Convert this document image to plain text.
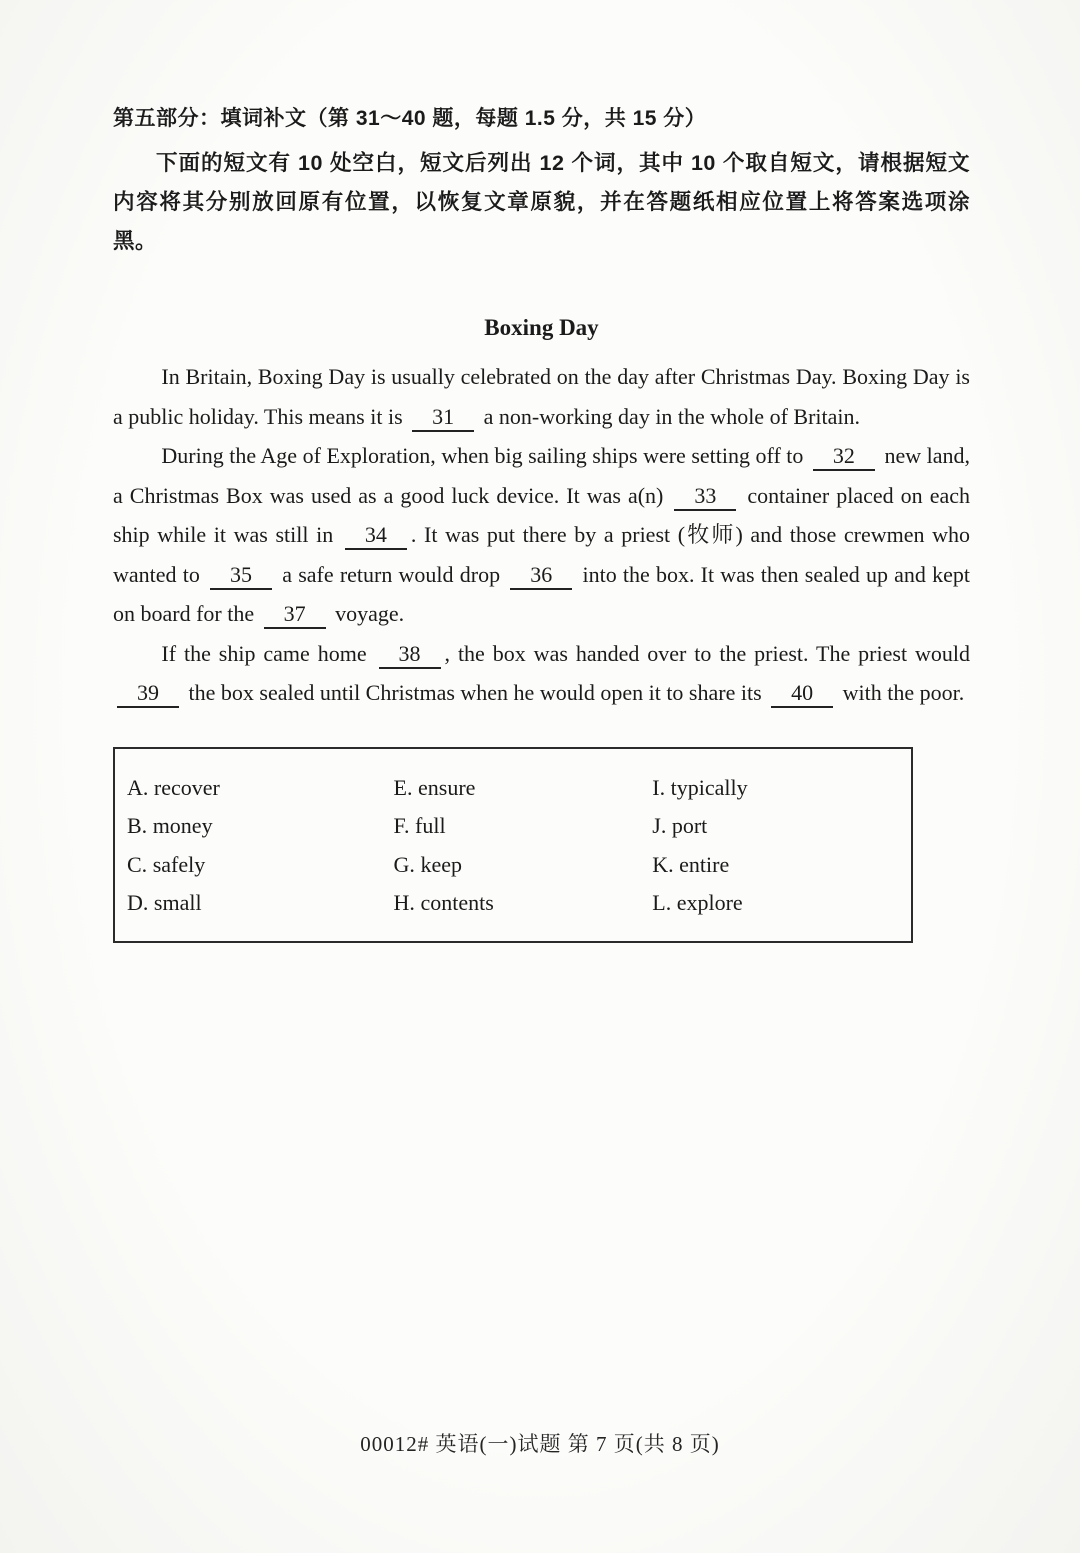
第五部分：填词补文（第 31～40 题，每题 1.5 分，共 15 分）

下面的短文有 10 处空白，短文后列出 12 个词，其中 10 个取自短文，请根据短文内容将其分别放回原有位置，以恢复文章原貌，并在答题纸相应位置上将答案选项涂黑。

Boxing Day

In Britain, Boxing Day is usually celebrated on the day after Christmas Day. Boxing Day is a public holiday. This means it is 31 a non-working day in the whole of Britain.

During the Age of Exploration, when big sailing ships were setting off to 32 new land, a Christmas Box was used as a good luck device. It was a(n) 33 container placed on each ship while it was still in 34 . It was put there by a priest (牧师) and those crewmen who wanted to 35 a safe return would drop 36 into the box. It was then sealed up and kept on board for the 37 voyage.

If the ship came home 38 , the box was handed over to the priest. The priest would 39 the box sealed until Christmas when he would open it to share its 40 with the poor.

A. recover	E. ensure	I. typically
B. money	F. full	J. port
C. safely	G. keep	K. entire
D. small	H. contents	L. explore
00012# 英语(一)试题 第 7 页(共 8 页)
